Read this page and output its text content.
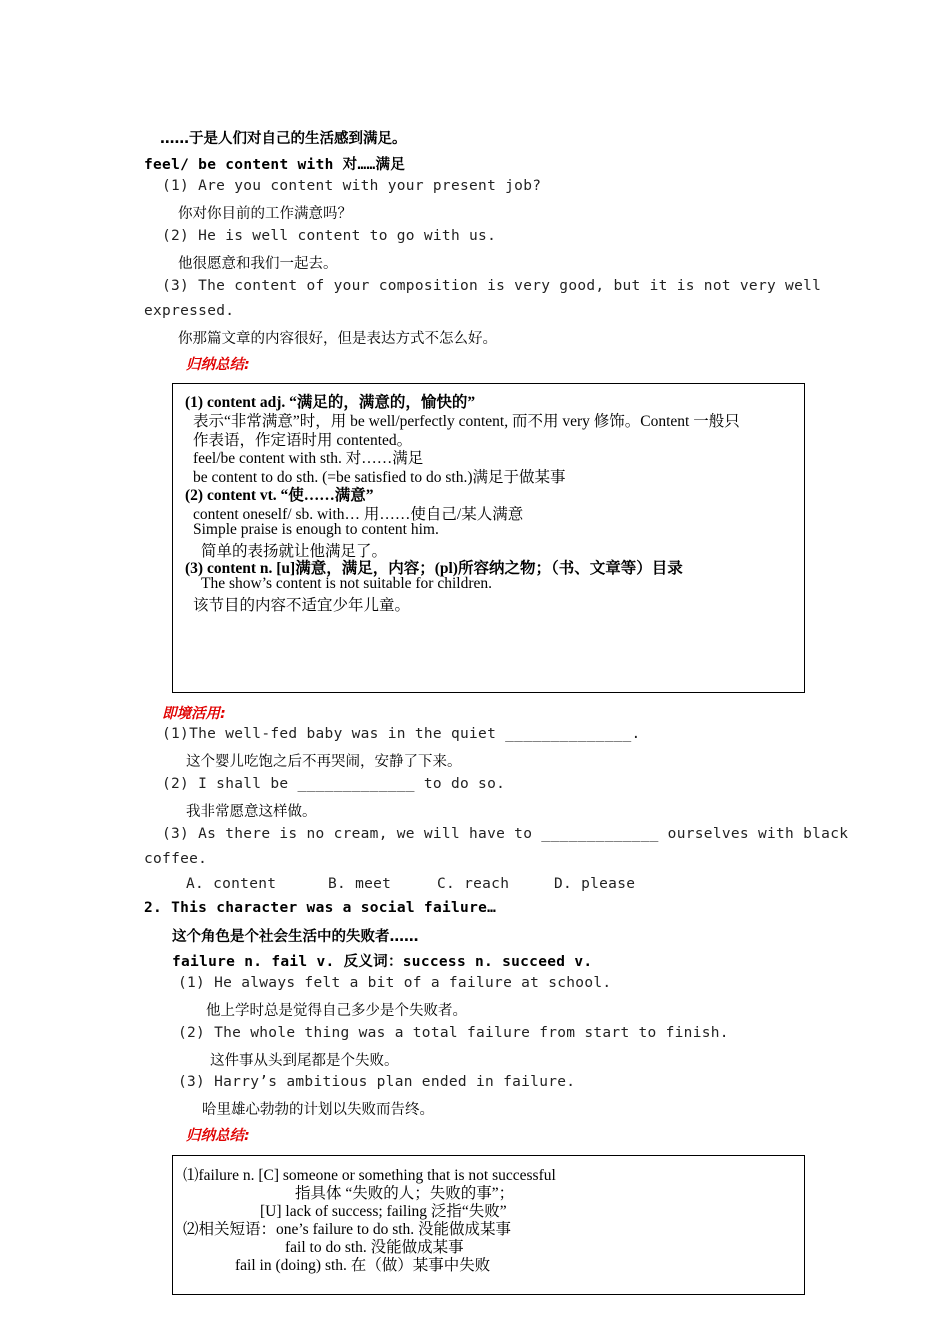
……于是人们对自己的生活感到满足。
feel/ be content with 对……满足
(1) Are you content with your present job?
你对你目前的工作满意吗？
(2) He is well content to go with us.
他很愿意和我们一起去。
(3) The content of your composition is very good, but it is not very well
expressed.
你那篇文章的内容很好，但是表达方式不怎么好。
归纳总结:
(1) content adj. “满足的，满意的，愉快的”
表示“非常满意”时，用 be well/perfectly content, 而不用 very 修饰。Content 一般只
作表语，作定语时用 contented。
feel/be content with sth. 对……满足
be content to do sth. (=be satisfied to do sth.)满足于做某事
(2) content vt. “使……满意”
content oneself/ sb. with… 用……使自己/某人满意
Simple praise is enough to content him.
简单的表扬就让他满足了。
(3) content n. [u]满意，满足，内容；(pl)所容纳之物；（书、文章等）目录
The show’s content is not suitable for children.
该节目的内容不适宜少年儿童。
即境活用:
(1)The well-fed baby was in the quiet ______________.
这个婴儿吃饱之后不再哭闹，安静了下来。
(2) I shall be _____________ to do so.
我非常愿意这样做。
(3) As there is no cream, we will have to _____________ ourselves with black
coffee.
A. content	B. meet	C. reach	D. please
2. This character was a social failure…
这个角色是个社会生活中的失败者……
failure n. fail v. 反义词：success n. succeed v.
(1) He always felt a bit of a failure at school.
他上学时总是觉得自己多少是个失败者。
(2) The whole thing was a total failure from start to finish.
这件事从头到尾都是个失败。
(3) Harry’s ambitious plan ended in failure.
哈里雄心勃勃的计划以失败而告终。
归纳总结:
⑴failure n. [C] someone or something that is not successful
指具体 “失败的人；失败的事”；
[U] lack of success; failing 泛指“失败”
⑵相关短语：one’s failure to do sth. 没能做成某事
fail to do sth. 没能做成某事
fail in (doing) sth. 在（做）某事中失败
